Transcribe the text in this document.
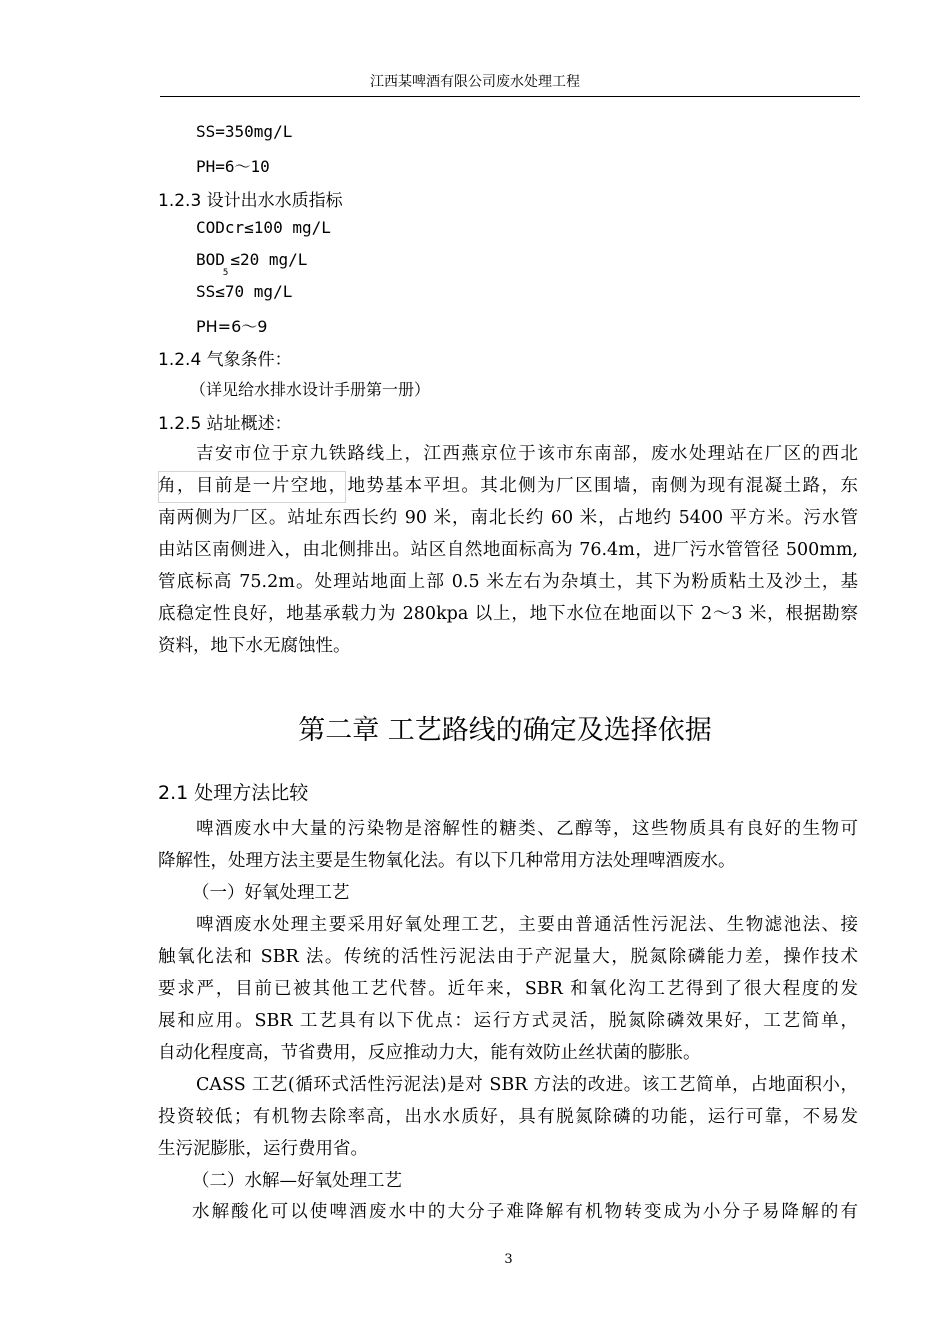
江西某啤酒有限公司废水处理工程
SS=350mg/L
PH=6～10
1.2.3 设计出水水质指标
CODcr≤100 mg/L
$BOD_5\le 20$ mg/L
SS≤70 mg/L
PH=6～9
1.2.4 气象条件：
（详见给水排水设计手册第一册）
1.2.5 站址概述：
吉安市位于京九铁路线上，江西燕京位于该市东南部，废水处理站在厂区的西北
角，目前是一片空地，地势基本平坦。其北侧为厂区围墙，南侧为现有混凝土路，东
南两侧为厂区。站址东西长约 90 米，南北长约 60 米，占地约 5400 平方米。污水管
由站区南侧进入，由北侧排出。站区自然地面标高为 76.4m，进厂污水管管径 500mm,
管底标高 75.2m。处理站地面上部 0.5 米左右为杂填土，其下为粉质粘土及沙土，基
底稳定性良好，地基承载力为 280kpa 以上，地下水位在地面以下 2～3 米，根据勘察
资料，地下水无腐蚀性。
第二章 工艺路线的确定及选择依据
2.1 处理方法比较
啤酒废水中大量的污染物是溶解性的糖类、乙醇等，这些物质具有良好的生物可
降解性，处理方法主要是生物氧化法。有以下几种常用方法处理啤酒废水。
（一）好氧处理工艺
啤酒废水处理主要采用好氧处理工艺，主要由普通活性污泥法、生物滤池法、接
触氧化法和 SBR 法。传统的活性污泥法由于产泥量大，脱氮除磷能力差，操作技术
要求严，目前已被其他工艺代替。近年来，SBR 和氧化沟工艺得到了很大程度的发
展和应用。SBR 工艺具有以下优点：运行方式灵活，脱氮除磷效果好，工艺简单，
自动化程度高，节省费用，反应推动力大，能有效防止丝状菌的膨胀。
CASS 工艺(循环式活性污泥法)是对 SBR 方法的改进。该工艺简单，占地面积小，
投资较低；有机物去除率高，出水水质好，具有脱氮除磷的功能，运行可靠，不易发
生污泥膨胀，运行费用省。
（二）水解—好氧处理工艺
水解酸化可以使啤酒废水中的大分子难降解有机物转变成为小分子易降解的有
3
